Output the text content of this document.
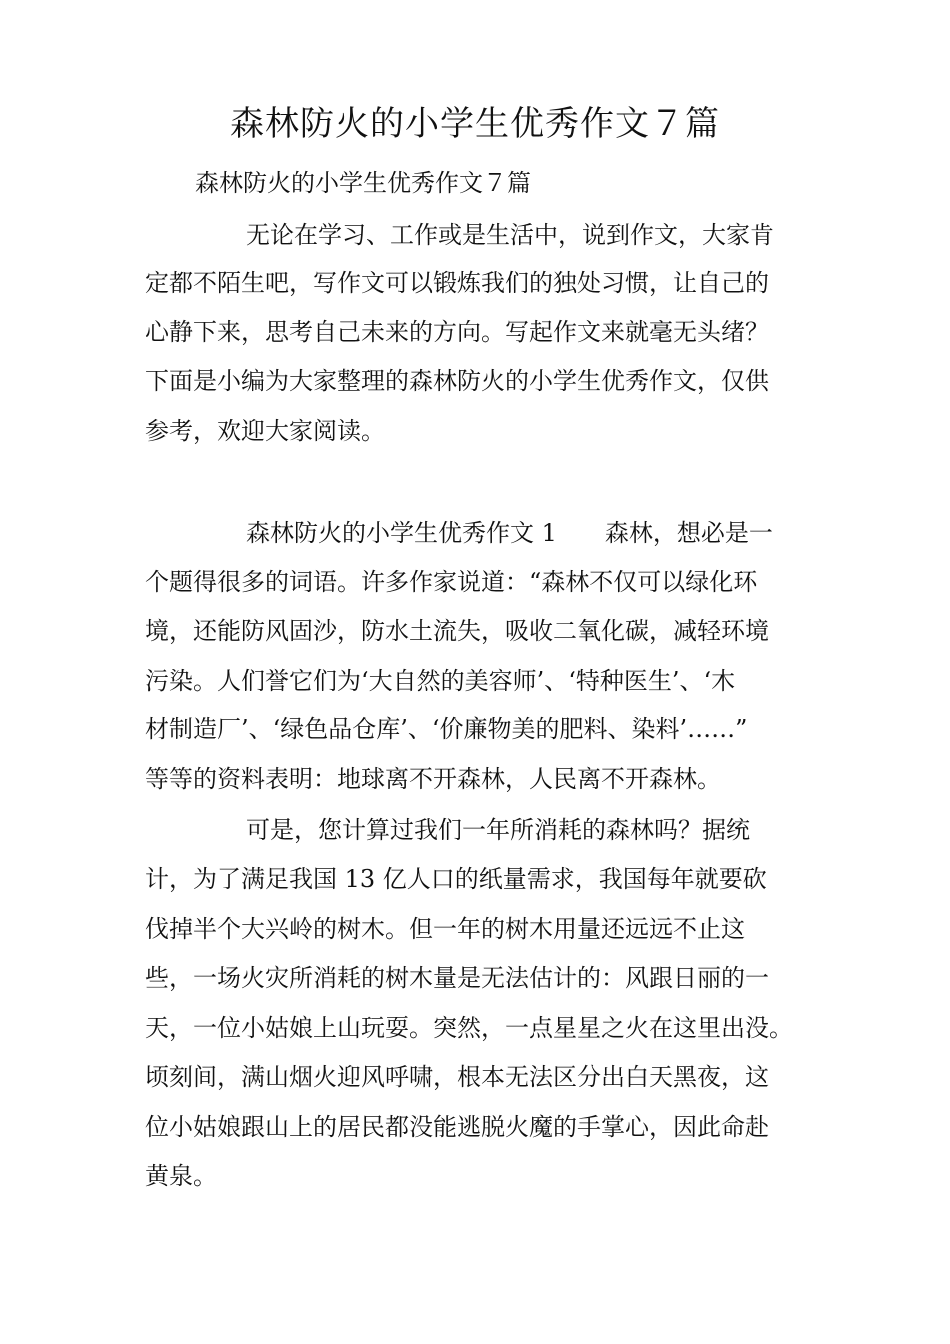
森林防火的小学生优秀作文７篇
森林防火的小学生优秀作文７篇
无论在学习、工作或是生活中，说到作文，大家肯
定都不陌生吧，写作文可以锻炼我们的独处习惯，让自己的
心静下来，思考自己未来的方向。写起作文来就毫无头绪？
下面是小编为大家整理的森林防火的小学生优秀作文，仅供
参考，欢迎大家阅读。
森林防火的小学生优秀作文 1　　森林，想必是一
个题得很多的词语。许多作家说道：“森林不仅可以绿化环
境，还能防风固沙，防水土流失，吸收二氧化碳，减轻环境
污染。人们誉它们为‘大自然的美容师’、‘特种医生’、‘木
材制造厂’、‘绿色品仓库’、‘价廉物美的肥料、染料’……”
等等的资料表明：地球离不开森林，人民离不开森林。
可是，您计算过我们一年所消耗的森林吗？据统
计，为了满足我国 13 亿人口的纸量需求，我国每年就要砍
伐掉半个大兴岭的树木。但一年的树木用量还远远不止这
些，一场火灾所消耗的树木量是无法估计的：风跟日丽的一
天，一位小姑娘上山玩耍。突然，一点星星之火在这里出没。
顷刻间，满山烟火迎风呼啸，根本无法区分出白天黑夜，这
位小姑娘跟山上的居民都没能逃脱火魔的手掌心，因此命赴
黄泉。
